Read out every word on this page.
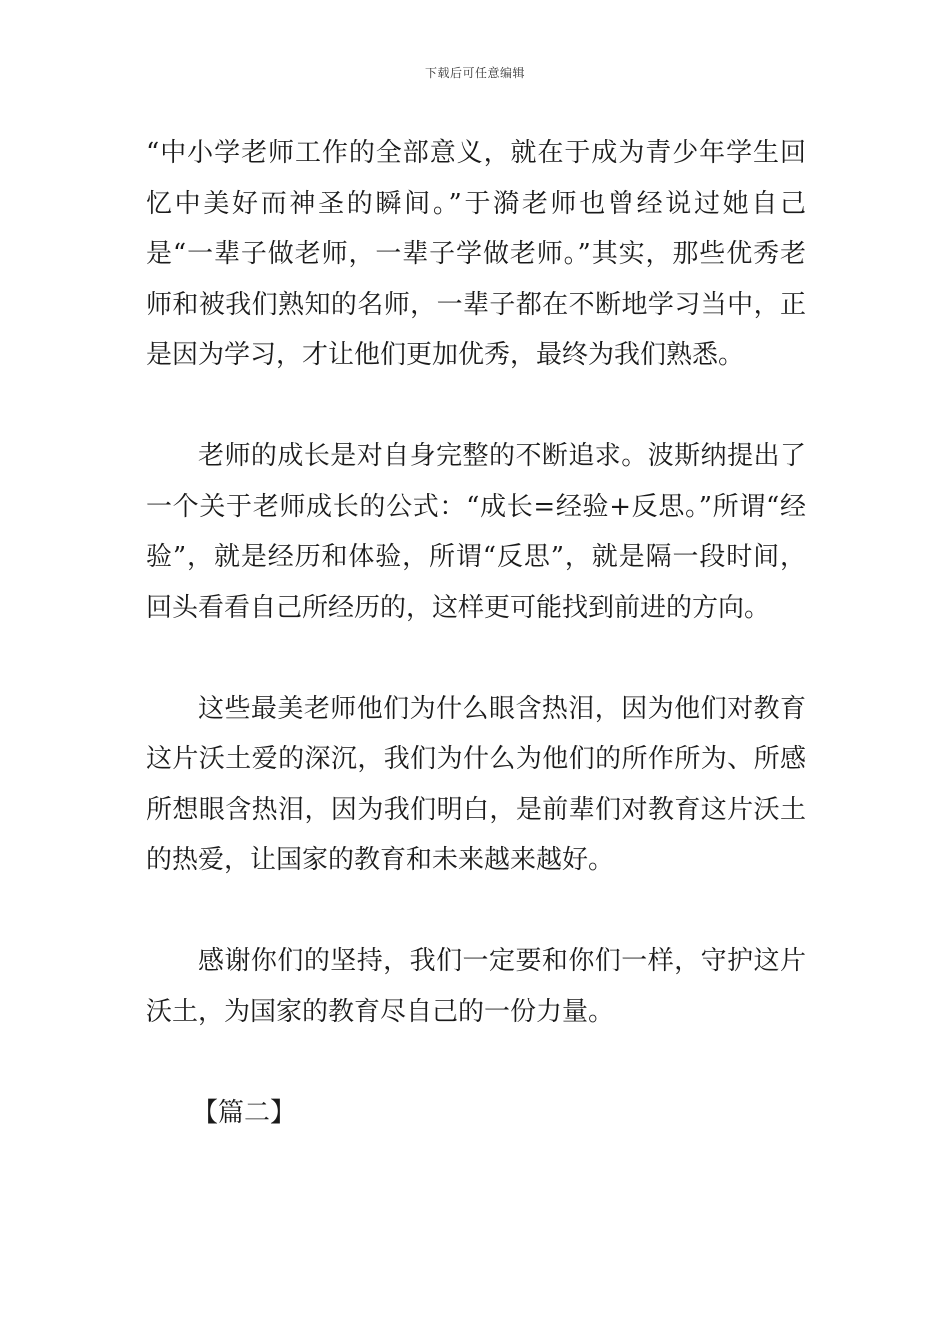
下载后可任意编辑

“中小学老师工作的全部意义，就在于成为青少年学生回忆中美好而神圣的瞬间。”于漪老师也曾经说过她自己是“一辈子做老师，一辈子学做老师。”其实，那些优秀老师和被我们熟知的名师，一辈子都在不断地学习当中，正是因为学习，才让他们更加优秀，最终为我们熟悉。

老师的成长是对自身完整的不断追求。波斯纳提出了一个关于老师成长的公式：“成长=经验+反思。”所谓“经验”，就是经历和体验，所谓“反思”，就是隔一段时间，回头看看自己所经历的，这样更可能找到前进的方向。

这些最美老师他们为什么眼含热泪，因为他们对教育这片沃土爱的深沉，我们为什么为他们的所作所为、所感所想眼含热泪，因为我们明白，是前辈们对教育这片沃土的热爱，让国家的教育和未来越来越好。

感谢你们的坚持，我们一定要和你们一样，守护这片沃土，为国家的教育尽自己的一份力量。

【篇二】
